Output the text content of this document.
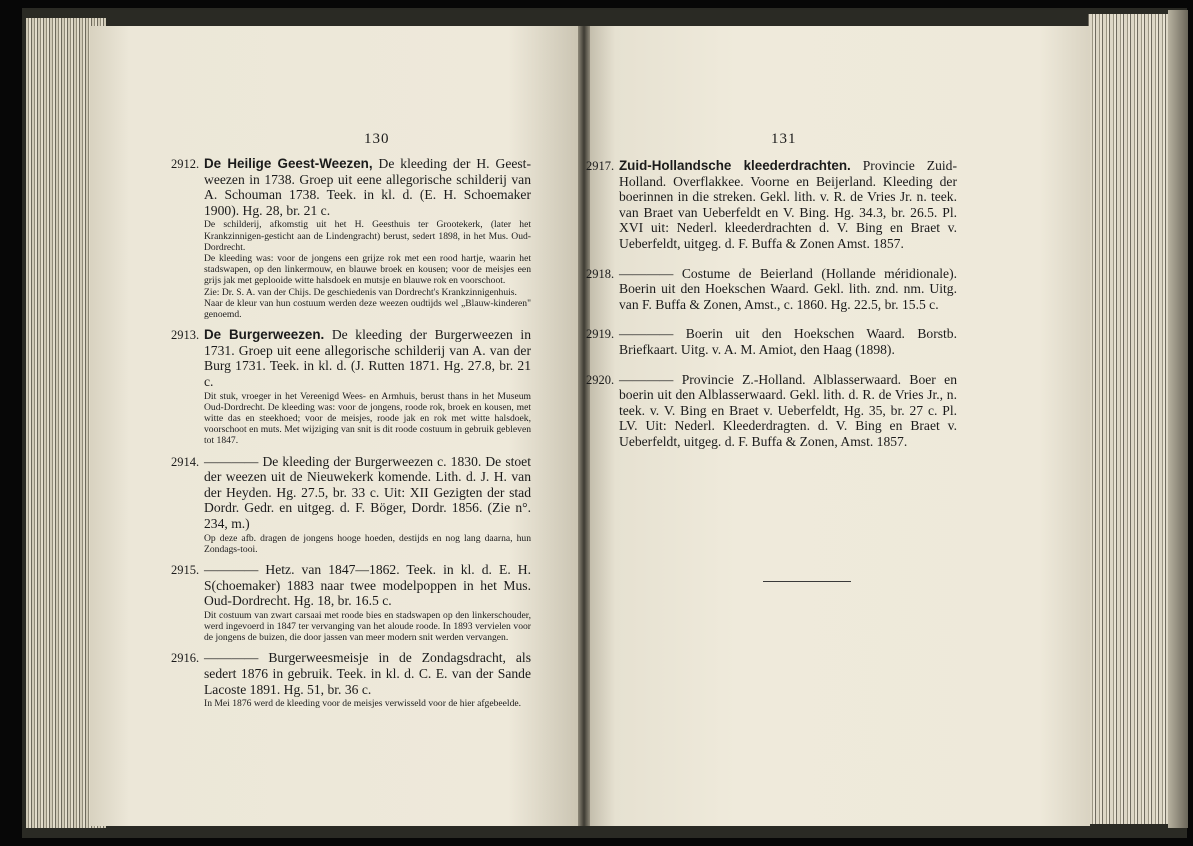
130
2912. De Heilige Geest-Weezen, De kleeding der H. Geest-weezen in 1738. Groep uit eene allegorische schilderij van A. Schouman 1738. Teek. in kl. d. (E. H. Schoemaker 1900). Hg. 28, br. 21 c.

De schilderij, afkomstig uit het H. Geesthuis ter Grootekerk, (later het Krankzinnigen-gesticht aan de Lindengracht) berust, sedert 1898, in het Mus. Oud-Dordrecht.

De kleeding was: voor de jongens een grijze rok met een rood hartje, waarin het stadswapen, op den linkermouw, en blauwe broek en kousen; voor de meisjes een grijs jak met geplooide witte halsdoek en mutsje en blauwe rok en voorschoot.

Zie: Dr. S. A. van der Chijs. De geschiedenis van Dordrecht's Krankzinnigenhuis.

Naar de kleur van hun costuum werden deze weezen oudtijds wel „Blauw-kinderen" genoemd.

2913. De Burgerweezen. De kleeding der Burgerweezen in 1731. Groep uit eene allegorische schilderij van A. van der Burg 1731. Teek. in kl. d. (J. Rutten 1871. Hg. 27.8, br. 21 c.

Dit stuk, vroeger in het Vereenigd Wees- en Armhuis, berust thans in het Museum Oud-Dordrecht. De kleeding was: voor de jongens, roode rok, broek en kousen, met witte das en steekhoed; voor de meisjes, roode jak en rok met witte halsdoek, voorschoot en muts. Met wijziging van snit is dit roode costuum in gebruik gebleven tot 1847.

2914. ———— De kleeding der Burgerweezen c. 1830. De stoet der weezen uit de Nieuwekerk komende. Lith. d. J. H. van der Heyden. Hg. 27.5, br. 33 c. Uit: XII Gezigten der stad Dordr. Gedr. en uitgeg. d. F. Böger, Dordr. 1856. (Zie n°. 234, m.)

Op deze afb. dragen de jongens hooge hoeden, destijds en nog lang daarna, hun Zondags-tooi.

2915. ———— Hetz. van 1847—1862. Teek. in kl. d. E. H. S(choemaker) 1883 naar twee modelpoppen in het Mus. Oud-Dordrecht. Hg. 18, br. 16.5 c.

Dit costuum van zwart carsaai met roode bies en stadswapen op den linkerschouder, werd ingevoerd in 1847 ter vervanging van het aloude roode. In 1893 vervielen voor de jongens de buizen, die door jassen van meer modern snit werden vervangen.

2916. ———— Burgerweesmeisje in de Zondagsdracht, als sedert 1876 in gebruik. Teek. in kl. d. C. E. van der Sande Lacoste 1891. Hg. 51, br. 36 c.

In Mei 1876 werd de kleeding voor de meisjes verwisseld voor de hier afgebeelde.

131
2917. Zuid-Hollandsche kleederdrachten. Provincie Zuid-Holland. Overflakkee. Voorne en Beijerland. Kleeding der boerinnen in die streken. Gekl. lith. v. R. de Vries Jr. n. teek. van Braet van Ueberfeldt en V. Bing. Hg. 34.3, br. 26.5. Pl. XVI uit: Nederl. kleederdrachten d. V. Bing en Braet v. Ueberfeldt, uitgeg. d. F. Buffa & Zonen Amst. 1857.
2918. ———— Costume de Beierland (Hollande méridionale). Boerin uit den Hoekschen Waard. Gekl. lith. znd. nm. Uitg. van F. Buffa & Zonen, Amst., c. 1860. Hg. 22.5, br. 15.5 c.
2919. ———— Boerin uit den Hoekschen Waard. Borstb. Briefkaart. Uitg. v. A. M. Amiot, den Haag (1898).
2920. ———— Provincie Z.-Holland. Alblasserwaard. Boer en boerin uit den Alblasserwaard. Gekl. lith. d. R. de Vries Jr., n. teek. v. V. Bing en Braet v. Ueberfeldt, Hg. 35, br. 27 c. Pl. LV. Uit: Nederl. Kleederdragten. d. V. Bing en Braet v. Ueberfeldt, uitgeg. d. F. Buffa & Zonen, Amst. 1857.
